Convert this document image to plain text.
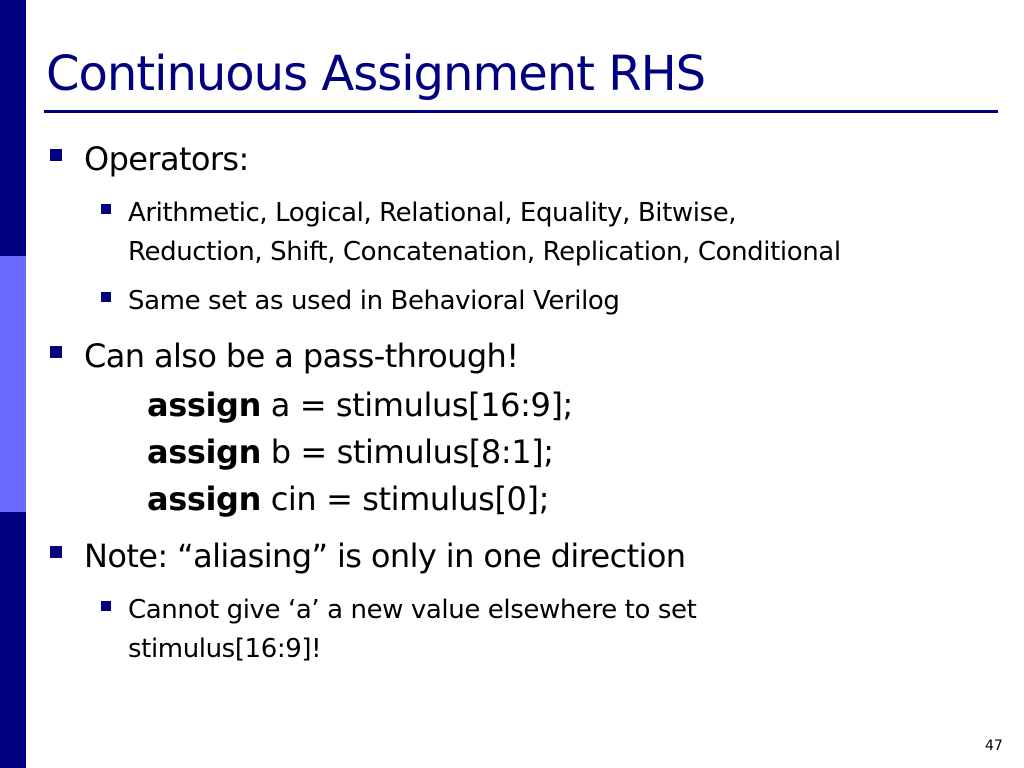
Continuous Assignment RHS

Operators:

Arithmetic, Logical, Relational, Equality, Bitwise,

Reduction, Shift, Concatenation, Replication, Conditional

Same set as used in Behavioral Verilog

Can also be a pass-through!

assign a = stimulus[16:9];

assign b = stimulus[8:1];

assign cin = stimulus[0];

Note: “aliasing” is only in one direction

Cannot give ‘a’ a new value elsewhere to set

stimulus[16:9]!

47
